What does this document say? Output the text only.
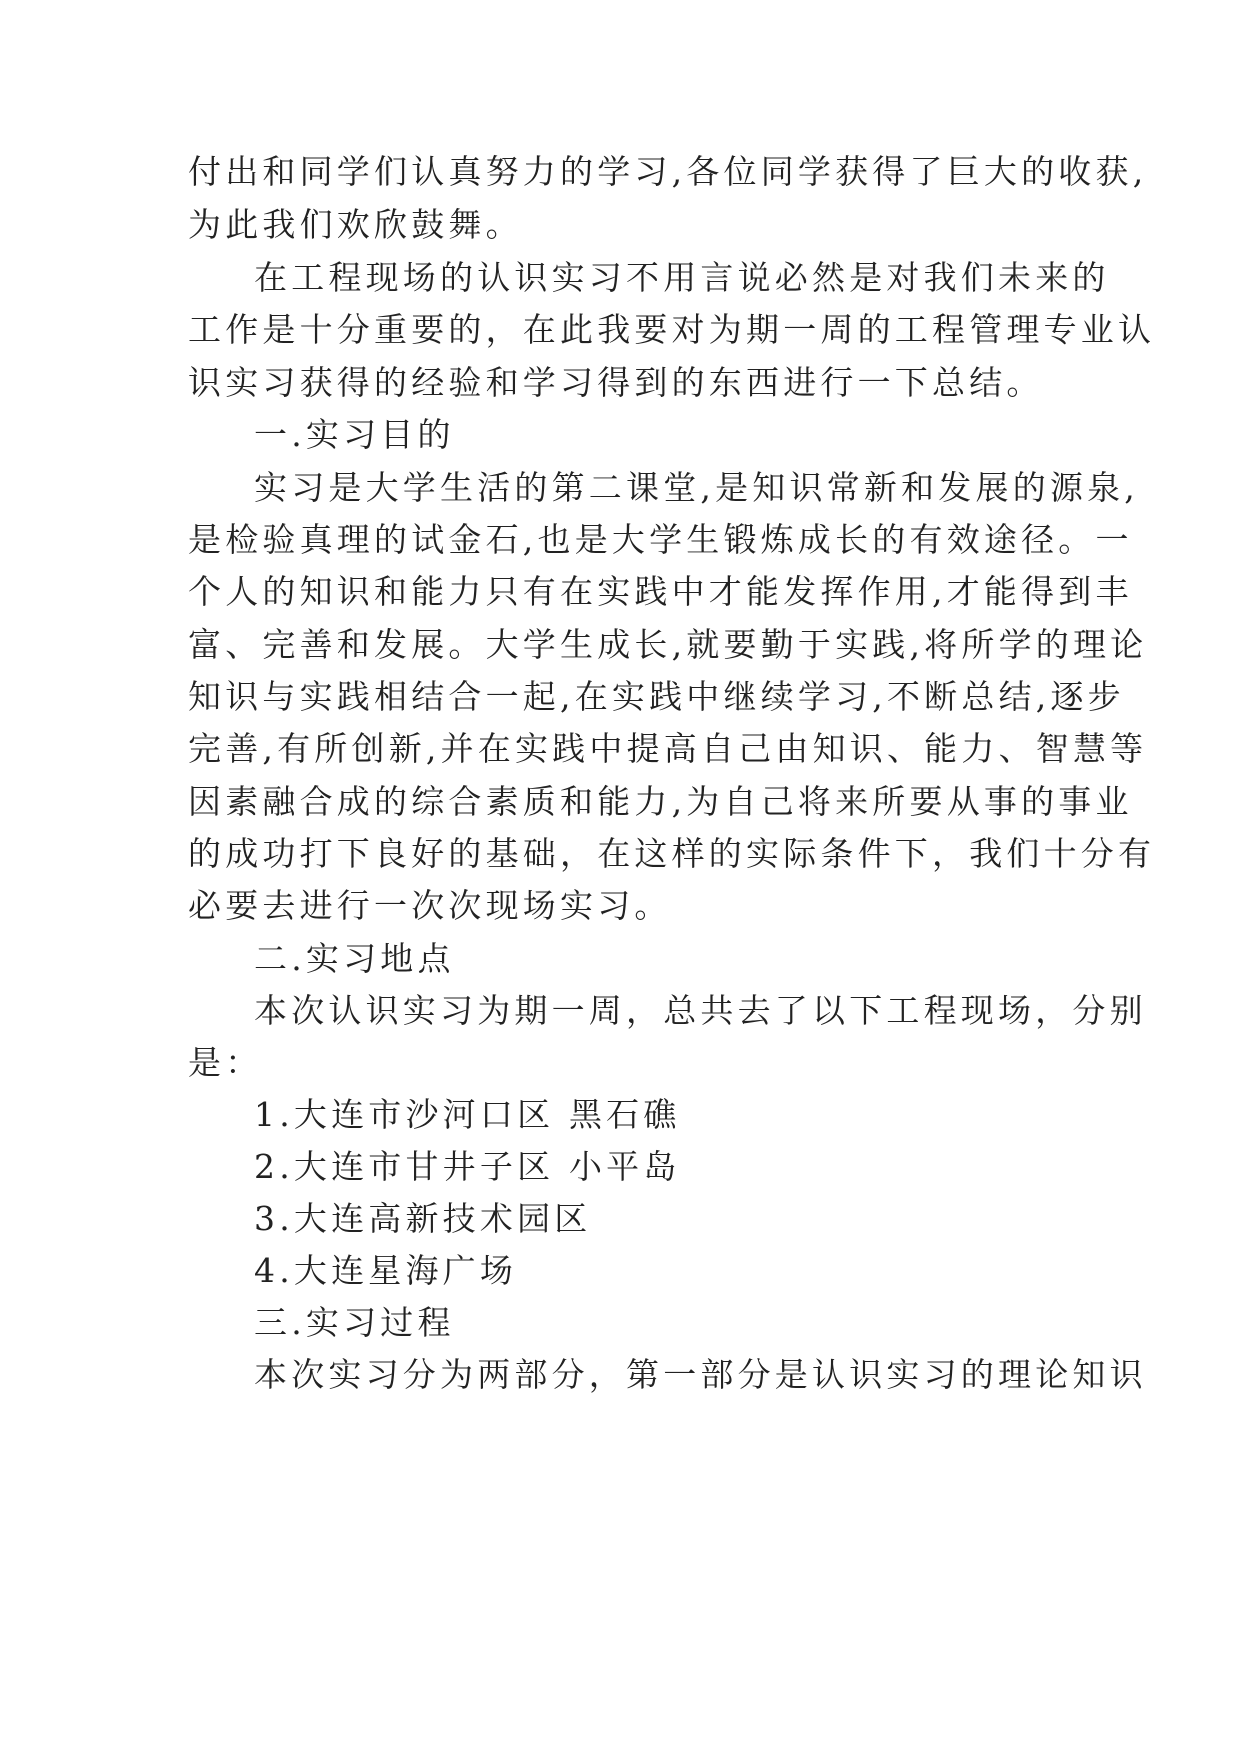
付出和同学们认真努力的学习,各位同学获得了巨大的收获,
为此我们欢欣鼓舞。
在工程现场的认识实习不用言说必然是对我们未来的
工作是十分重要的，在此我要对为期一周的工程管理专业认
识实习获得的经验和学习得到的东西进行一下总结。
一.实习目的
实习是大学生活的第二课堂,是知识常新和发展的源泉,
是检验真理的试金石,也是大学生锻炼成长的有效途径。一
个人的知识和能力只有在实践中才能发挥作用,才能得到丰
富、完善和发展。大学生成长,就要勤于实践,将所学的理论
知识与实践相结合一起,在实践中继续学习,不断总结,逐步
完善,有所创新,并在实践中提高自己由知识、能力、智慧等
因素融合成的综合素质和能力,为自己将来所要从事的事业
的成功打下良好的基础，在这样的实际条件下，我们十分有
必要去进行一次次现场实习。
二.实习地点
本次认识实习为期一周，总共去了以下工程现场，分别
是：
1.大连市沙河口区 黑石礁
2.大连市甘井子区 小平岛
3.大连高新技术园区
4.大连星海广场
三.实习过程
本次实习分为两部分，第一部分是认识实习的理论知识
